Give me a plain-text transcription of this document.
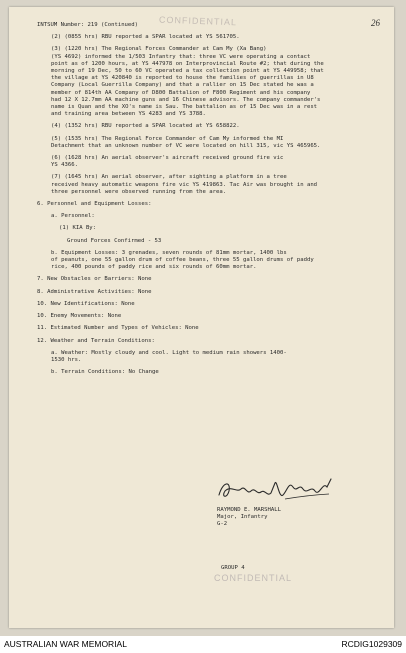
CONFIDENTIAL	26
INTSUM Number: 219 (Continued)
(2) (0855 hrs) RBU reported a SPAR located at YS 561705.
(3) (1220 hrs) The Regional Forces Commander at Cam My (Xa Bang)
(YS 4692) informed the 1/503 Infantry that: three VC were operating a contact
point as of 1200 hours, at YS 447978 on Interprovincial Route #2; that during the
morning of 19 Dec, 50 to 60 VC operated a tax collection point at YS 449958; that
the village at YS 420840 is reported to house the families of guerrillas in U8
Company (Local Guerrilla Company) and that a rallier on 15 Dec stated he was a
member of 814th AA Company of D800 Battalion of F800 Regiment and his company
had 12 X 12.7mm AA machine guns and 16 Chinese advisors. The company commander's
name is Quan and the XO's name is Sau. The battalion as of 15 Dec was in a rest
and training area between YS 4283 and YS 3788.
(4) (1352 hrs) RBU reported a SPAR located at YS 658822.
(5) (1535 hrs) The Regional Force Commander of Cam My informed the MI
Detachment that an unknown number of VC were located on hill 315, vic YS 465965.
(6) (1628 hrs) An aerial observer's aircraft received ground fire vic
YS 4366.
(7) (1645 hrs) An aerial observer, after sighting a platform in a tree
received heavy automatic weapons fire vic YS 419863. Tac Air was brought in and
three personnel were observed running from the area.
6. Personnel and Equipment Losses:
a. Personnel:
(1) KIA By:
Ground Forces Confirmed - 53
b. Equipment Losses: 3 grenades, seven rounds of 81mm mortar, 1400 lbs
of peanuts, one 55 gallon drum of coffee beans, three 55 gallon drums of paddy
rice, 400 pounds of paddy rice and six rounds of 60mm mortar.
7. New Obstacles or Barriers: None
8. Administrative Activities: None
10. New Identifications: None
10. Enemy Movements: None
11. Estimated Number and Types of Vehicles: None
12. Weather and Terrain Conditions:
a. Weather: Mostly cloudy and cool. Light to medium rain showers 1400-
1530 hrs.
b. Terrain Conditions: No Change
RAYMOND E. MARSHALL
Major, Infantry
G-2
GROUP 4
CONFIDENTIAL
AUSTRALIAN WAR MEMORIAL	RCDIG1029309
